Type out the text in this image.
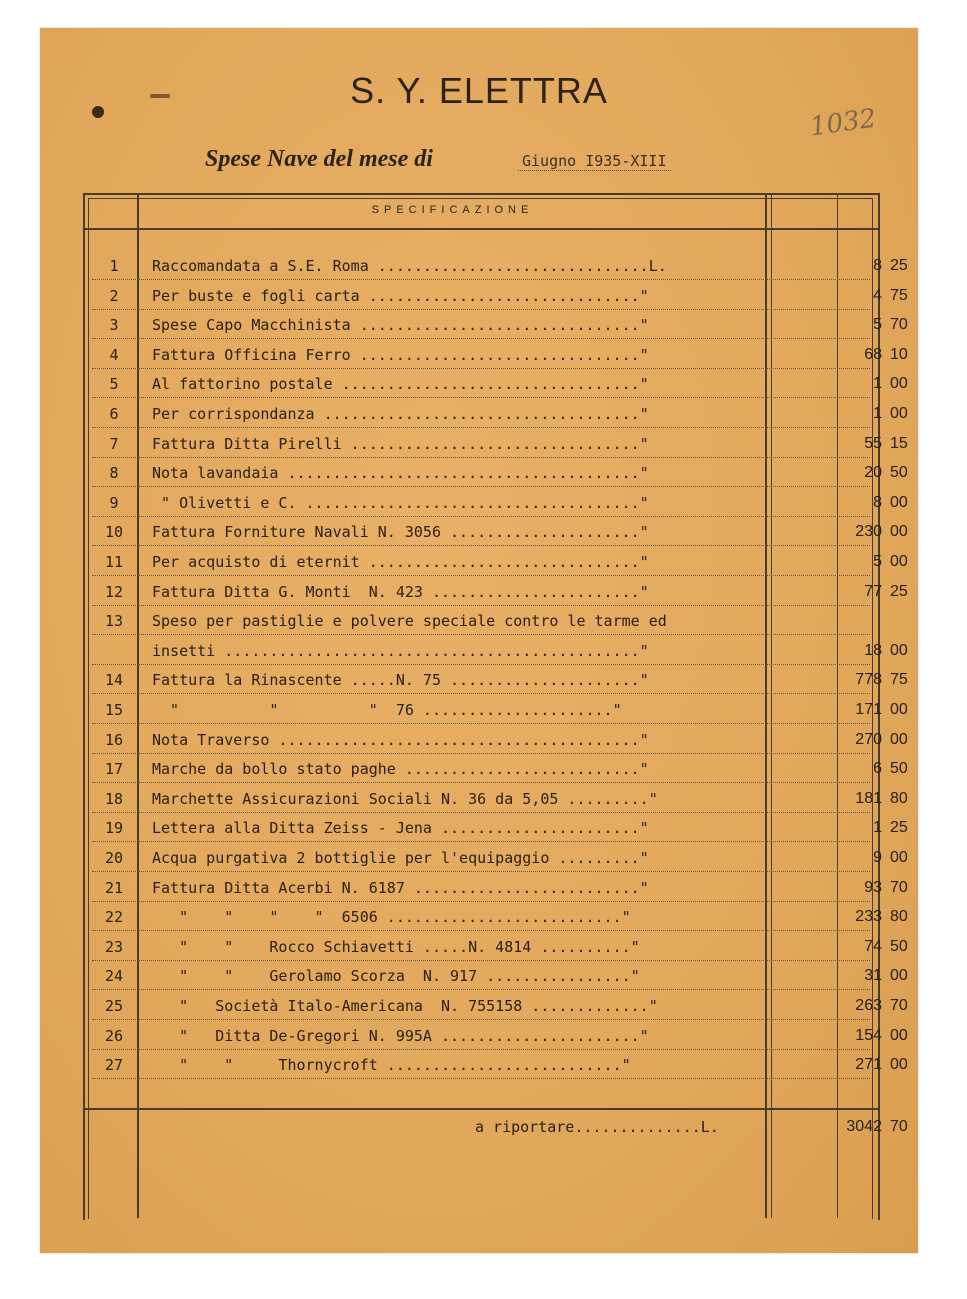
S. Y. ELETTRA
1032
Spese Nave del mese di	Giugno I935-XIII
SPECIFICAZIONE
1	Raccomandata a S.E. Roma ..............................L.	8 25
2	Per buste e fogli carta .............................."	4 75
3	Spese Capo Macchinista ..............................."	5 70
4	Fattura Officina Ferro ..............................."	68 10
5	Al fattorino postale ................................."	1 00
6	Per corrispondanza ..................................."	1 00
7	Fattura Ditta Pirelli ................................"	55 15
8	Nota lavandaia ......................................."	20 50
9	" Olivetti e C. ....................................."	8 00
10	Fattura Forniture Navali N. 3056 ....................."	230 00
11	Per acquisto di eternit .............................."	5 00
12	Fattura Ditta G. Monti  N. 423 ......................."	77 25
13	Speso per pastiglie e polvere speciale contro le tarme ed
insetti .............................................."	18 00
14	Fattura la Rinascente .....N. 75 ....................."	778 75
15	"          "          "  76 ....................."	171 00
16	Nota Traverso ........................................"	270 00
17	Marche da bollo stato paghe .........................."	6 50
18	Marchette Assicurazioni Sociali N. 36 da 5,05 ........."	181 80
19	Lettera alla Ditta Zeiss - Jena ......................"	1 25
20	Acqua purgativa 2 bottiglie per l'equipaggio ........."	9 00
21	Fattura Ditta Acerbi N. 6187 ........................."	93 70
22	"    "    "    "  6506 .........................."	233 80
23	"    "    Rocco Schiavetti .....N. 4814 .........."	74 50
24	"    "    Gerolamo Scorza  N. 917 ................"	31 00
25	"   Società Italo-Americana  N. 755158 ............."	263 70
26	"   Ditta De-Gregori N. 995A ......................"	154 00
27	"    "     Thornycroft .........................."	271 00
a riportare..............L.	3042 70
